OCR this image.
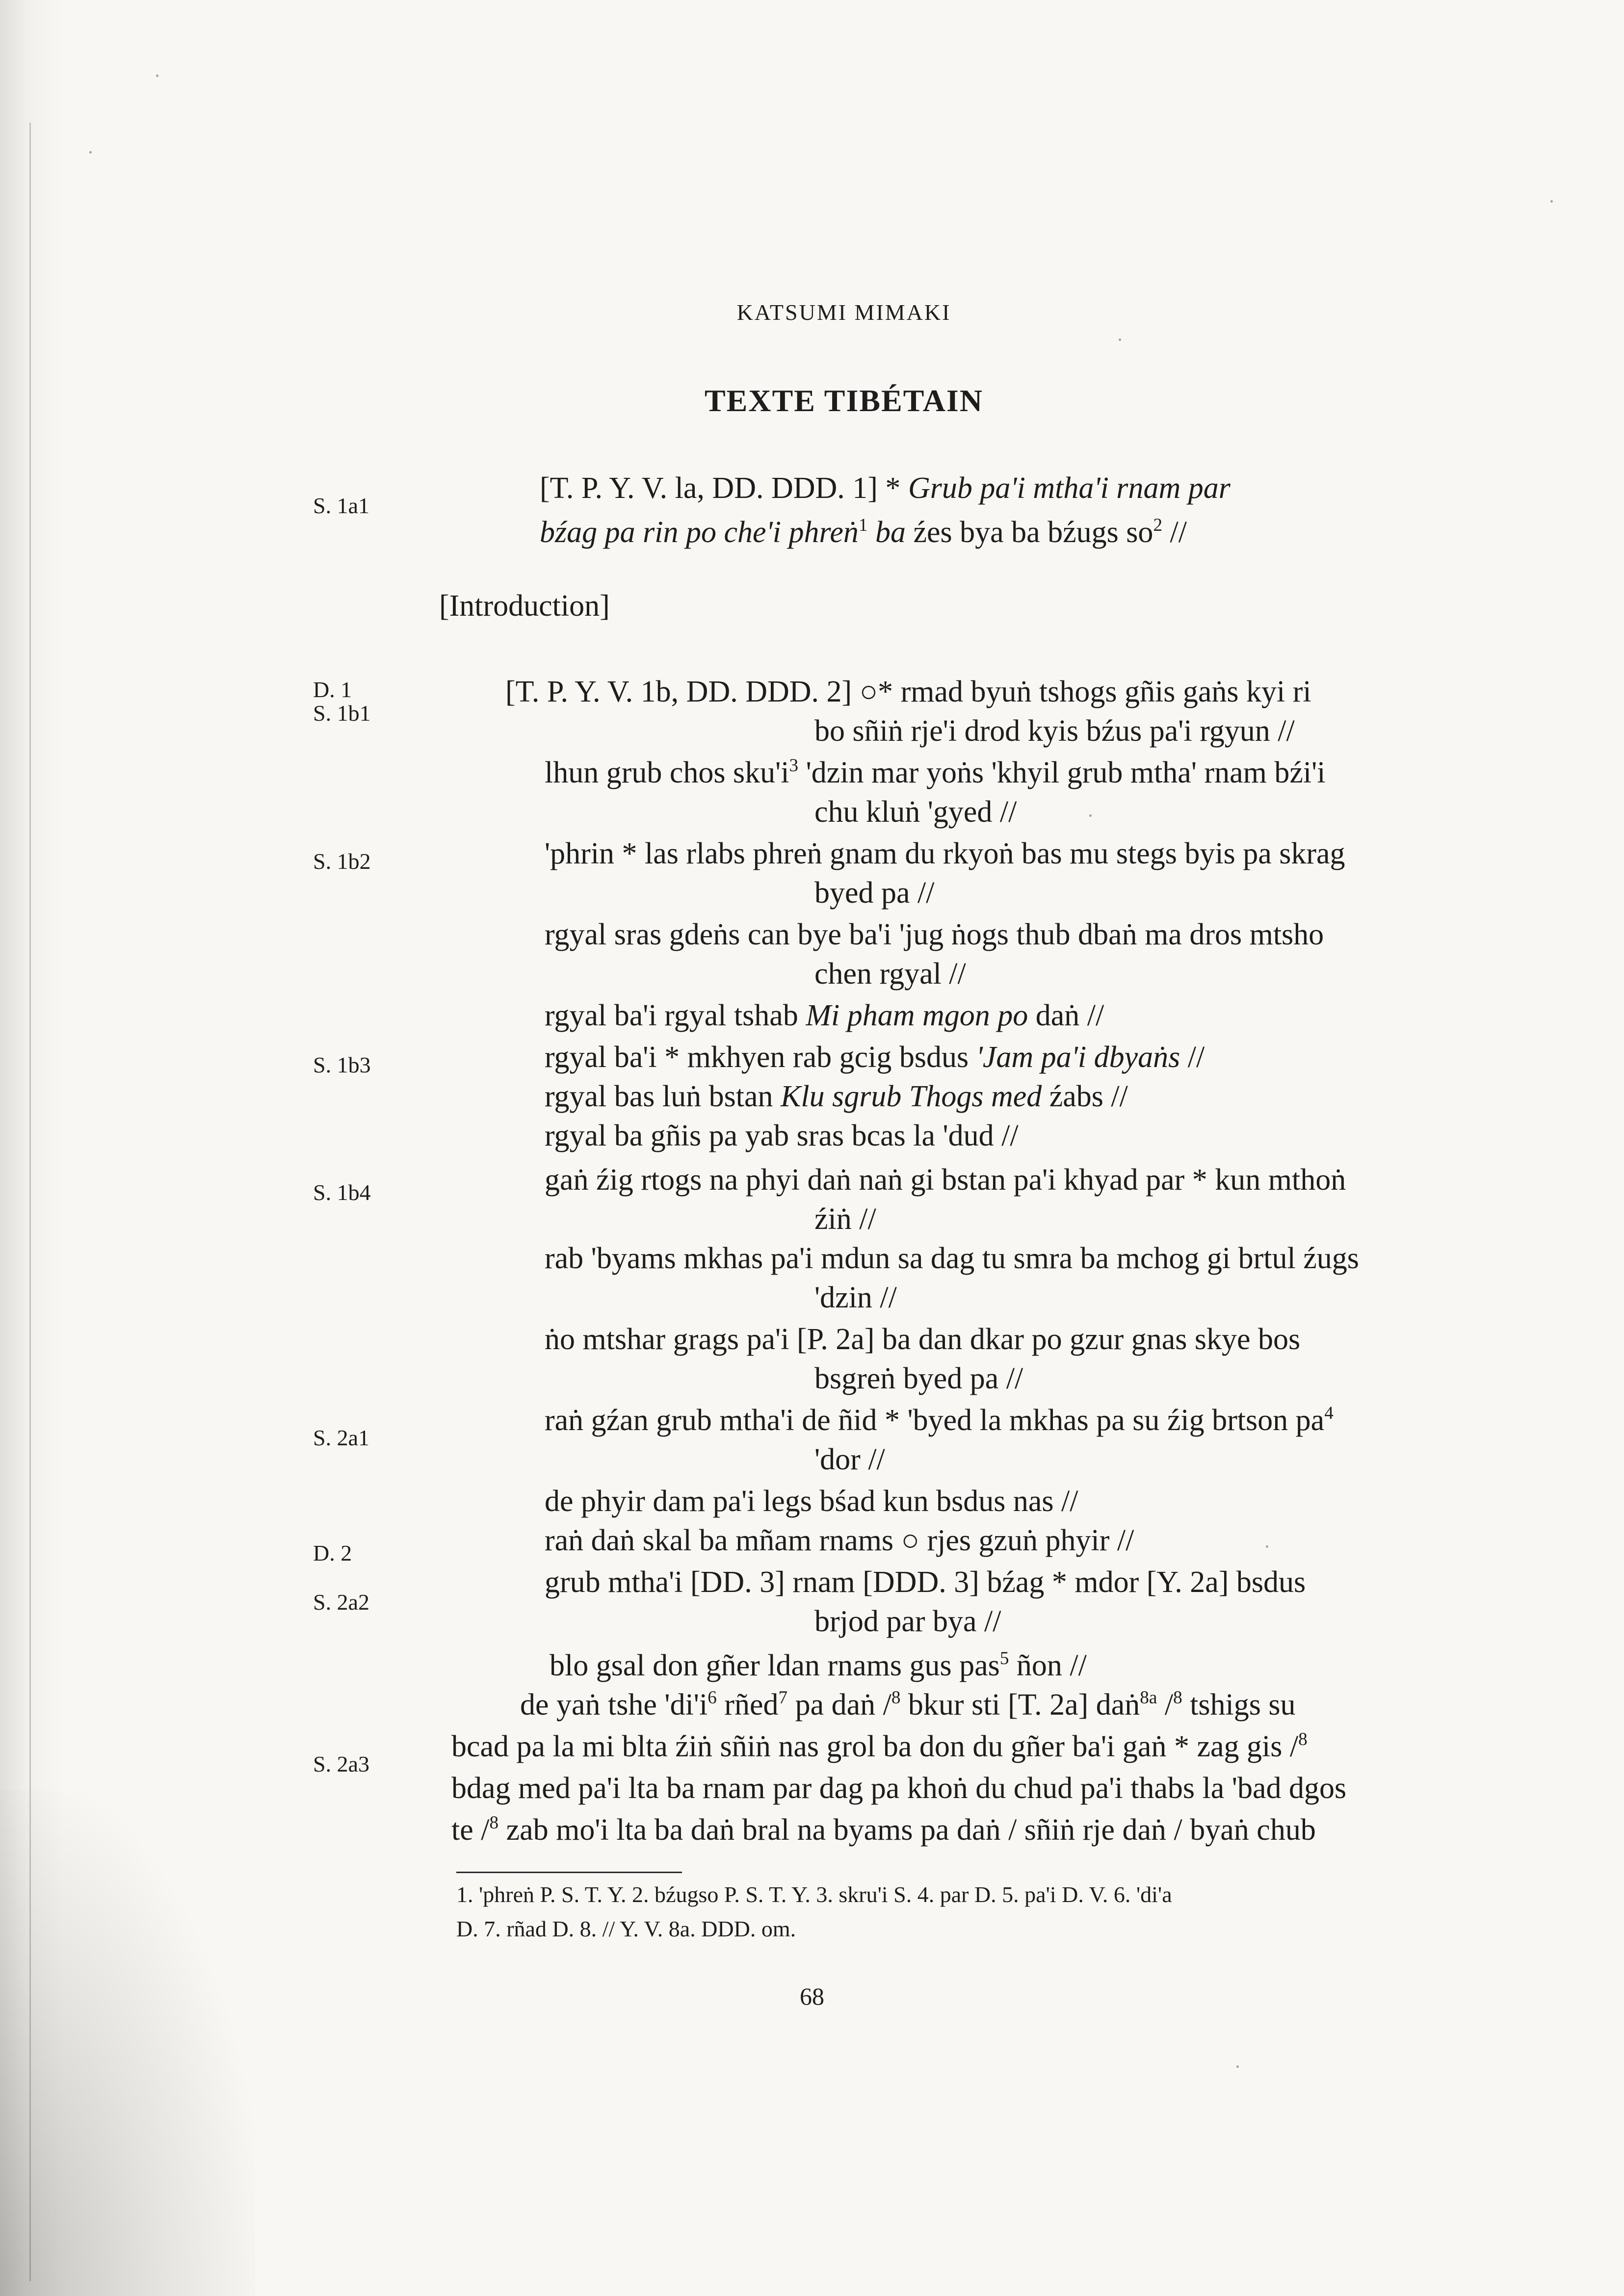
KATSUMI MIMAKI
TEXTE TIBÉTAIN
S. 1a1
D. 1
S. 1b1
S. 1b2
S. 1b3
S. 1b4
S. 2a1
D. 2
S. 2a2
S. 2a3
[T. P. Y. V. la, DD. DDD. 1] * Grub pa'i mtha'i rnam par
bźag pa rin po che'i phreṅ$^1$ ba źes bya ba bźugs $so^2$ //
[Introduction]
[T. P. Y. V. 1b, DD. DDD. 2] ○* rmad byuṅ tshogs gñis gaṅs kyi ri
bo sñiṅ rje'i drod kyis bźus pa'i rgyun //
lhun grub chos $sku'i^3$ 'dzin mar yoṅs 'khyil grub mtha' rnam bźi'i
chu kluṅ 'gyed //
'phrin * las rlabs phreṅ gnam du rkyoṅ bas mu stegs byis pa skrag
byed pa //
rgyal sras gdeṅs can bye ba'i 'jug ṅogs thub dbaṅ ma dros mtsho
chen rgyal //
rgyal ba'i rgyal tshab Mi pham mgon po daṅ //
rgyal ba'i * mkhyen rab gcig bsdus 'Jam pa'i dbyaṅs //
rgyal bas luṅ bstan Klu sgrub Thogs med źabs //
rgyal ba gñis pa yab sras bcas la 'dud //
gaṅ źig rtogs na phyi daṅ naṅ gi bstan pa'i khyad par * kun mthoṅ
źiṅ //
rab 'byams mkhas pa'i mdun sa dag tu smra ba mchog gi brtul źugs
'dzin //
ṅo mtshar grags pa'i [P. 2a] ba dan dkar po gzur gnas skye bos
bsgreṅ byed pa //
raṅ gźan grub mtha'i de ñid * 'byed la mkhas pa su źig brtson $pa^4$
'dor //
de phyir dam pa'i legs bśad kun bsdus nas //
raṅ daṅ skal ba mñam rnams ○ rjes gzuṅ phyir //
grub mtha'i [DD. 3] rnam [DDD. 3] bźag * mdor [Y. 2a] bsdus
brjod par bya //
blo gsal don gñer ldan rnams gus pas$^5$ ñon //
de yaṅ tshe '$di'i^6$ rñed$^7$ pa daṅ /$^8$ bkur sti [T. 2a] daṅ$^{8a}$ /$^8$ tshigs su
bcad pa la mi blta źiṅ sñiṅ nas grol ba don du gñer ba'i gaṅ * zag gis /$^8$
bdag med pa'i lta ba rnam par dag pa khoṅ du chud pa'i thabs la 'bad dgos
te /$^8$ zab mo'i lta ba daṅ bral na byams pa daṅ / sñiṅ rje daṅ / byaṅ chub
1. 'phreṅ P. S. T. Y. 2. bźugso P. S. T. Y. 3. skru'i S. 4. par D. 5. pa'i D. V. 6. 'di'a
D. 7. rñad D. 8. // Y. V. 8a. DDD. om.
68
